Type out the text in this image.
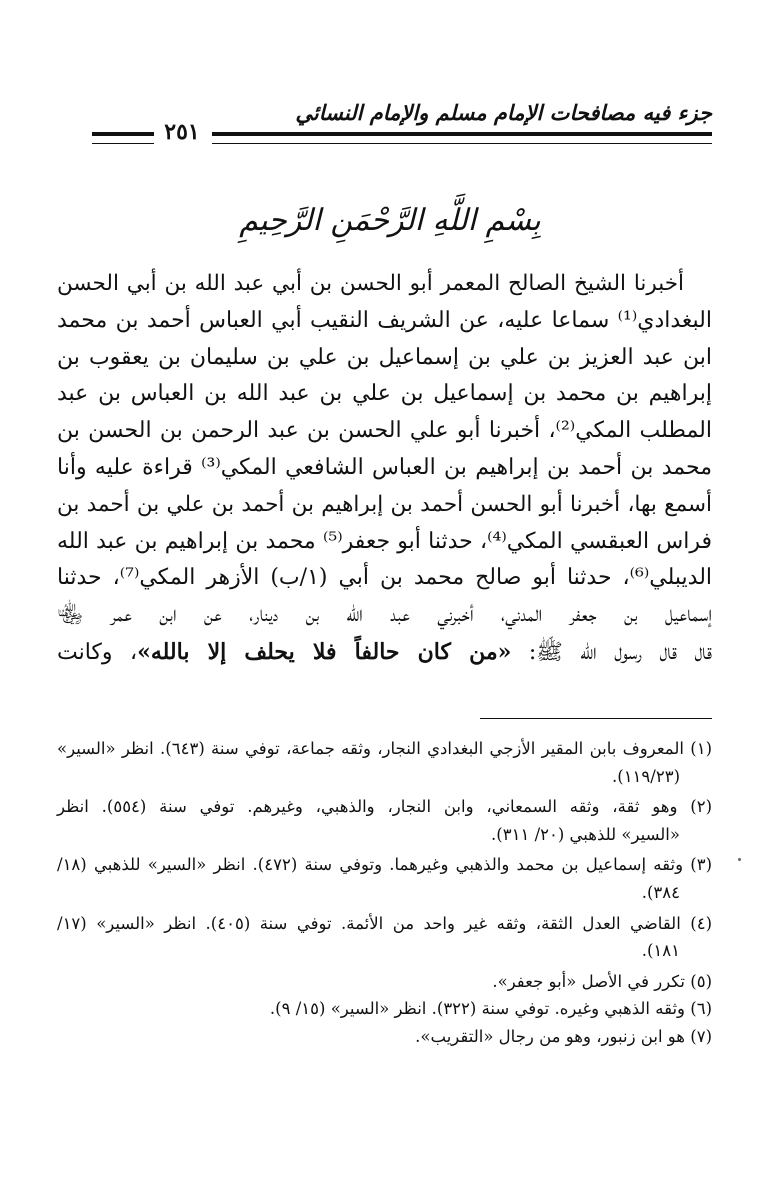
جزء فيه مصافحات الإمام مسلم والإمام النسائي
٢٥١
بِسْمِ اللَّهِ الرَّحْمَنِ الرَّحِيمِ
أخبرنا الشيخ الصالح المعمر أبو الحسن بن أبي عبد الله بن أبي الحسن
البغدادي⁽¹⁾ سماعا عليه، عن الشريف النقيب أبي العباس أحمد بن محمد
ابن عبد العزيز بن علي بن إسماعيل بن علي بن سليمان بن يعقوب بن
إبراهيم بن محمد بن إسماعيل بن علي بن عبد الله بن العباس بن عبد
المطلب المكي⁽²⁾، أخبرنا أبو علي الحسن بن عبد الرحمن بن الحسن بن
محمد بن أحمد بن إبراهيم بن العباس الشافعي المكي⁽³⁾ قراءة عليه وأنا
أسمع بها، أخبرنا أبو الحسن أحمد بن إبراهيم بن أحمد بن علي بن أحمد بن
فراس العبقسي المكي⁽⁴⁾، حدثنا أبو جعفر⁽⁵⁾ محمد بن إبراهيم بن عبد الله
الديبلي⁽⁶⁾، حدثنا أبو صالح محمد بن أبي (١/ب) الأزهر المكي⁽⁷⁾، حدثنا
إسماعيل بن جعفر المدني، أخبرني عبد الله بن دينار، عن ابن عمر ﵄
قال قال رسول الله ﷺ: «من كان حالفاً فلا يحلف إلا بالله»، وكانت
(١) المعروف بابن المقير الأزجي البغدادي النجار، وثقه جماعة، توفي سنة (٦٤٣). انظر «السير»
(١١٩/٢٣).
(٢) وهو ثقة، وثقه السمعاني، وابن النجار، والذهبي، وغيرهم. توفي سنة (٥٥٤). انظر
«السير» للذهبي (٢٠/ ٣١١).
(٣) وثقه إسماعيل بن محمد والذهبي وغيرهما. وتوفي سنة (٤٧٢). انظر «السير» للذهبي (١٨/
٣٨٤).
(٤) القاضي العدل الثقة، وثقه غير واحد من الأئمة. توفي سنة (٤٠٥). انظر «السير» (١٧/
١٨١).
(٥) تكرر في الأصل «أبو جعفر».
(٦) وثقه الذهبي وغيره. توفي سنة (٣٢٢). انظر «السير» (١٥/ ٩).
(٧) هو ابن زنبور، وهو من رجال «التقريب».
